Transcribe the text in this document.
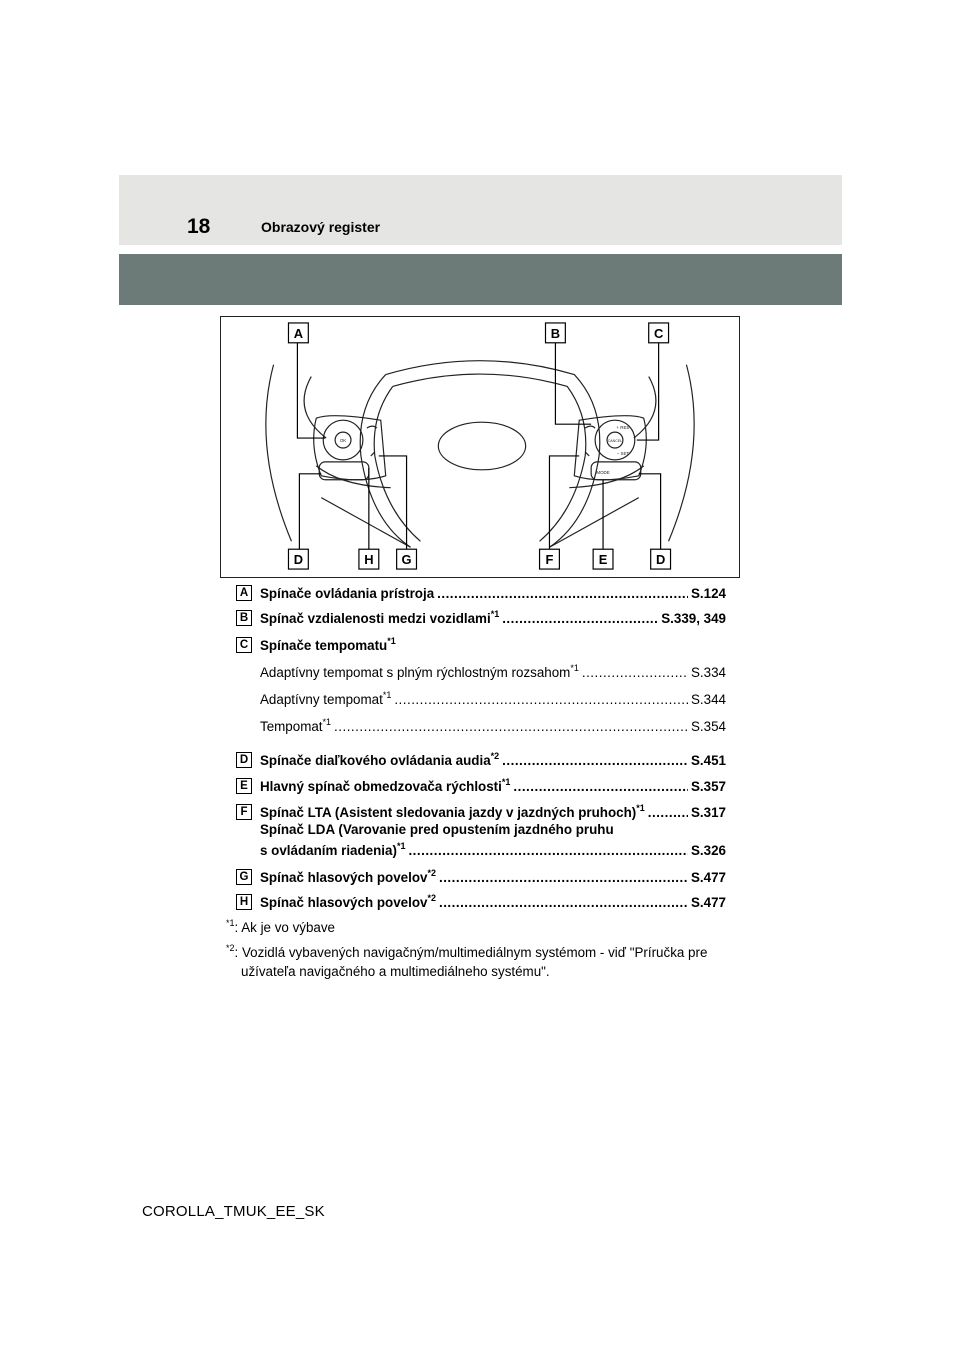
18	Obrazový register
OK
+ RES
CANCEL
− SET
MODE
A	B	C
D	H G	F	E	D
A Spínače ovládania prístroja .....	S.124
B Spínač vzdialenosti medzi vozidlami$^{*1}$ .....	S.339, 349
C Spínače tempomatu$^{*1}$
Adaptívny tempomat s plným rýchlostným rozsahom$^{*1}$ .....	S.334
Adaptívny tempomat$^{*1}$ .....	S.344
Tempomat$^{*1}$ .....	S.354
D Spínače diaľkového ovládania audia$^{*2}$ .....	S.451
E Hlavný spínač obmedzovača rýchlosti$^{*1}$ .....	S.357
F Spínač LTA (Asistent sledovania jazdy v jazdných pruhoch)$^{*1}$ .....	S.317
Spínač LDA (Varovanie pred opustením jazdného pruhu
s ovládaním riadenia)$^{*1}$ .....	S.326
G Spínač hlasových povelov$^{*2}$ .....	S.477
H Spínač hlasových povelov$^{*2}$ .....	S.477
$^{*1}$: Ak je vo výbave
$^{*2}$: Vozidlá vybavených navigačným/multimediálnym systémom - viď "Príručka pre
užívateľa navigačného a multimediálneho systému".
COROLLA_TMUK_EE_SK
